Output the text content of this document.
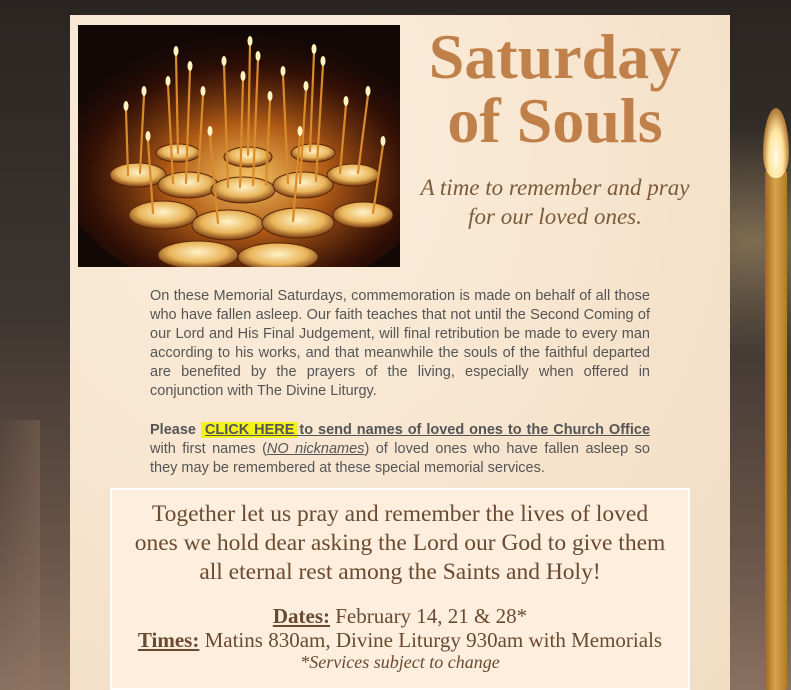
Saturday
of Souls
A time to remember and pray for our loved ones.

On these Memorial Saturdays, commemoration is made on behalf of all those who have fallen asleep. Our faith teaches that not until the Second Coming of our Lord and His Final Judgement, will final retribution be made to every man according to his works, and that meanwhile the souls of the faithful departed are benefited by the prayers of the living, especially when offered in conjunction with The Divine Liturgy.

Please CLICK HERE to send names of loved ones to the Church Office with first names (NO nicknames) of loved ones who have fallen asleep so they may be remembered at these special memorial services.

Together let us pray and remember the lives of loved ones we hold dear asking the Lord our God to give them all eternal rest among the Saints and Holy!
Dates: February 14, 21 & 28*
Times: Matins 830am, Divine Liturgy 930am with Memorials
*Services subject to change
